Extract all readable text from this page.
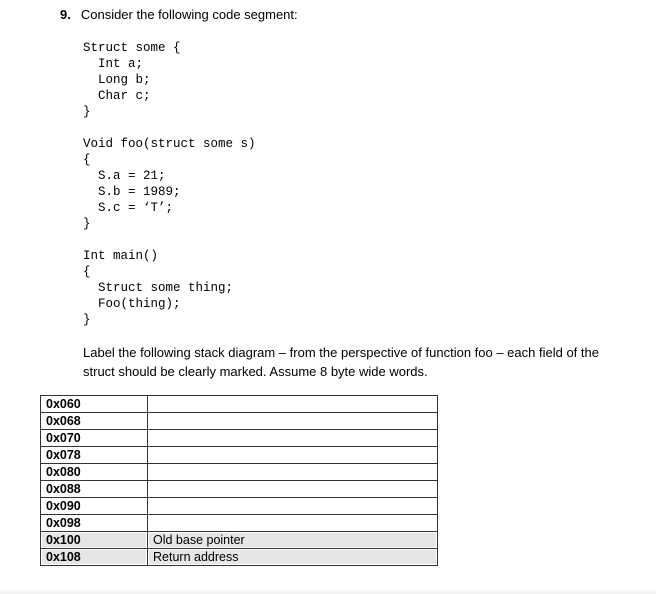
9. Consider the following code segment:
Struct some {
Int a;
Long b;
Char c;
}
Void foo(struct some s)
{
S.a = 21;
S.b = 1989;
S.c = ‘T’;
}
Int main()
{
Struct some thing;
Foo(thing);
}
Label the following stack diagram – from the perspective of function foo – each field of the struct should be clearly marked. Assume 8 byte wide words.
0x060	
0x068	
0x070	
0x078	
0x080	
0x088	
0x090	
0x098	
0x100	Old base pointer
0x108	Return address
